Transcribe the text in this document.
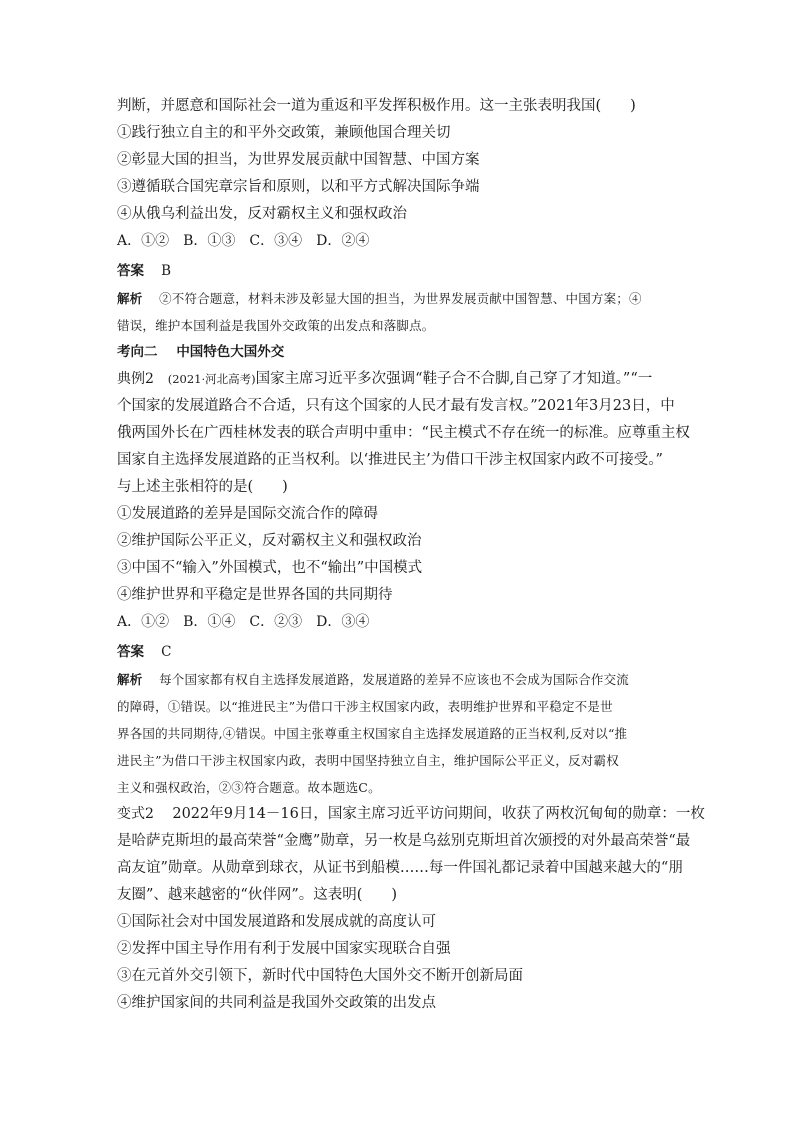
判断，并愿意和国际社会一道为重返和平发挥积极作用。这一主张表明我国(　　)
①践行独立自主的和平外交政策，兼顾他国合理关切
②彰显大国的担当，为世界发展贡献中国智慧、中国方案
③遵循联合国宪章宗旨和原则，以和平方式解决国际争端
④从俄乌利益出发，反对霸权主义和强权政治
A．①②　B．①③　C．③④　D．②④
答案 B
解析 ②不符合题意，材料未涉及彰显大国的担当，为世界发展贡献中国智慧、中国方案；④
错误，维护本国利益是我国外交政策的出发点和落脚点。
考向二 中国特色大国外交
典例2 (2021·河北高考)国家主席习近平多次强调“鞋子合不合脚,自己穿了才知道。”“一
个国家的发展道路合不合适，只有这个国家的人民才最有发言权。”2021年3月23日，中
俄两国外长在广西桂林发表的联合声明中重申：“民主模式不存在统一的标准。应尊重主权
国家自主选择发展道路的正当权利。以‘推进民主’为借口干涉主权国家内政不可接受。”
与上述主张相符的是(　　)
①发展道路的差异是国际交流合作的障碍
②维护国际公平正义，反对霸权主义和强权政治
③中国不“输入”外国模式，也不“输出”中国模式
④维护世界和平稳定是世界各国的共同期待
A．①②　B．①④　C．②③　D．③④
答案 C
解析 每个国家都有权自主选择发展道路，发展道路的差异不应该也不会成为国际合作交流
的障碍，①错误。以“推进民主”为借口干涉主权国家内政，表明维护世界和平稳定不是世
界各国的共同期待,④错误。中国主张尊重主权国家自主选择发展道路的正当权利,反对以“推
进民主”为借口干涉主权国家内政，表明中国坚持独立自主，维护国际公平正义，反对霸权
主义和强权政治，②③符合题意。故本题选C。
变式2 2022年9月14－16日，国家主席习近平访问期间，收获了两枚沉甸甸的勋章：一枚
是哈萨克斯坦的最高荣誉“金鹰”勋章，另一枚是乌兹别克斯坦首次颁授的对外最高荣誉“最
高友谊”勋章。从勋章到球衣，从证书到船模……每一件国礼都记录着中国越来越大的“朋
友圈”、越来越密的“伙伴网”。这表明(　　)
①国际社会对中国发展道路和发展成就的高度认可
②发挥中国主导作用有利于发展中国家实现联合自强
③在元首外交引领下，新时代中国特色大国外交不断开创新局面
④维护国家间的共同利益是我国外交政策的出发点
